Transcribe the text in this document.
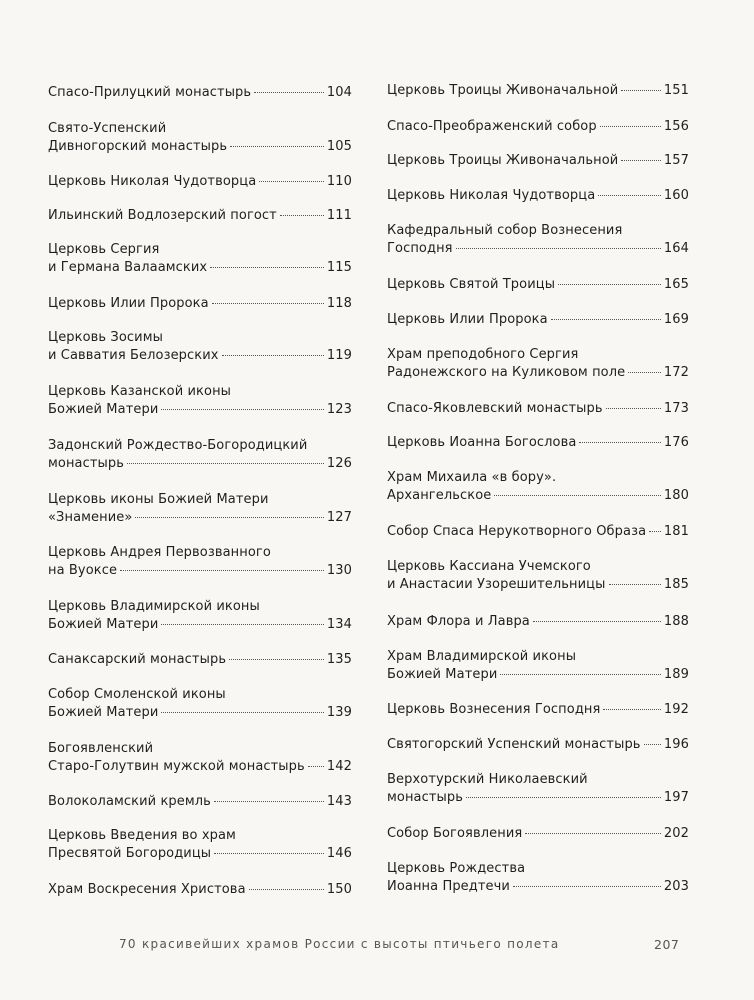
Спасо-Прилуцкий монастырь	104
Свято-Успенский
Дивногорский монастырь	105
Церковь Николая Чудотворца	110
Ильинский Водлозерский погост	111
Церковь Сергия
и Германа Валаамских	115
Церковь Илии Пророка	118
Церковь Зосимы
и Савватия Белозерских	119
Церковь Казанской иконы
Божией Матери	123
Задонский Рождество-Богородицкий
монастырь	126
Церковь иконы Божией Матери
«Знамение»	127
Церковь Андрея Первозванного
на Вуоксе	130
Церковь Владимирской иконы
Божией Матери	134
Санаксарский монастырь	135
Собор Смоленской иконы
Божией Матери	139
Богоявленский
Старо-Голутвин мужской монастырь 142
Волоколамский кремль	143
Церковь Введения во храм
Пресвятой Богородицы	146
Храм Воскресения Христова	150
Церковь Троицы Живоначальной	151
Спасо-Преображенский собор	156
Церковь Троицы Живоначальной	157
Церковь Николая Чудотворца	160
Кафедральный собор Вознесения
Господня	164
Церковь Святой Троицы	165
Церковь Илии Пророка	169
Храм преподобного Сергия
Радонежского на Куликовом поле	172
Спасо-Яковлевский монастырь	173
Церковь Иоанна Богослова	176
Храм Михаила «в бору».
Архангельское	180
Собор Спаса Нерукотворного Образа 181
Церковь Кассиана Учемского
и Анастасии Узорешительницы	185
Храм Флора и Лавра	188
Храм Владимирской иконы
Божией Матери	189
Церковь Вознесения Господня	192
Святогорский Успенский монастырь 196
Верхотурский Николаевский
монастырь	197
Собор Богоявления	202
Церковь Рождества
Иоанна Предтечи	203
70 красивейших храмов России с высоты птичьего полета	207
